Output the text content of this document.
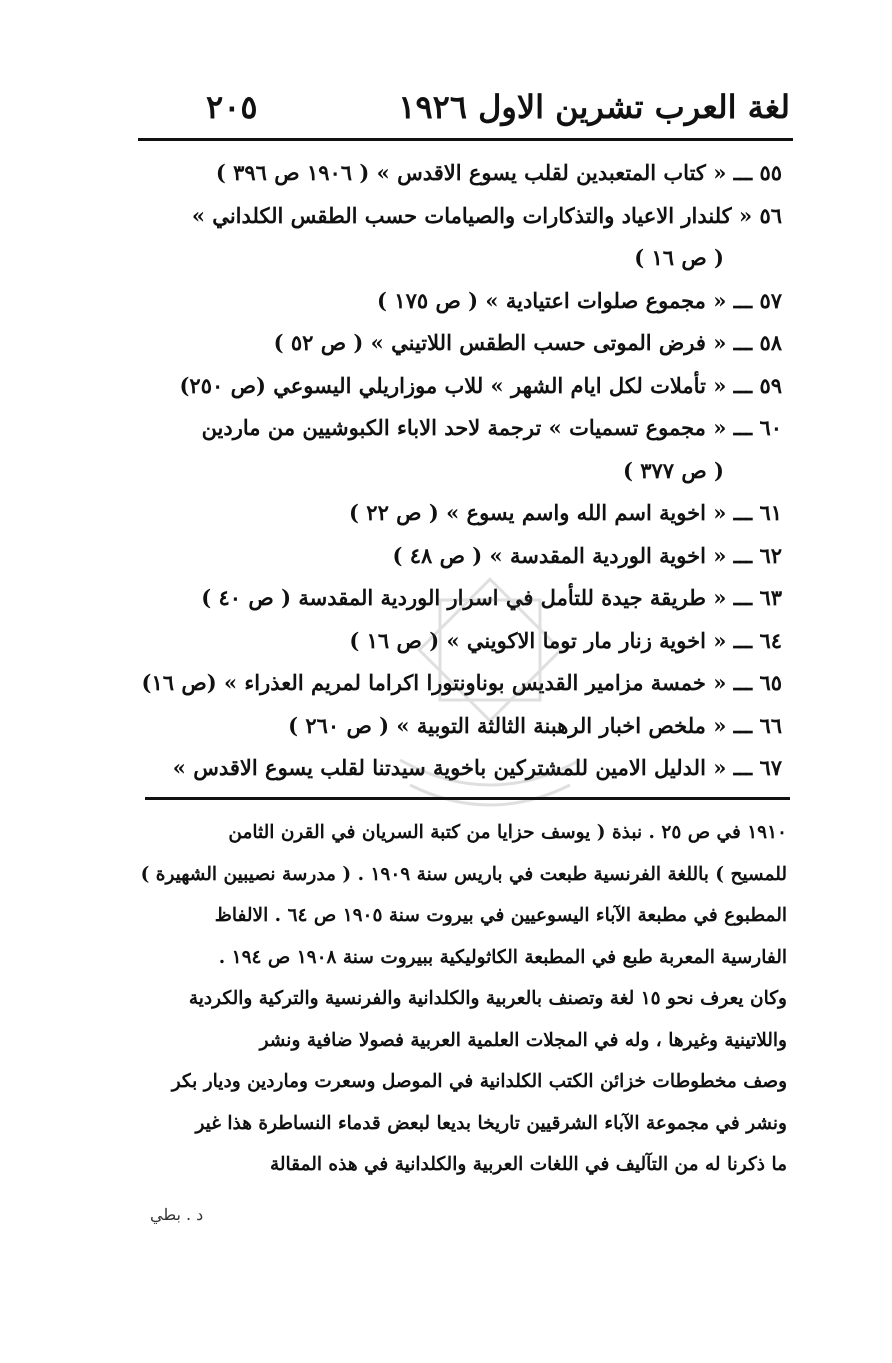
لغة العرب تشرين الاول ١٩٢٦
٢٠٥
٥٥ ـــ « كتاب المتعبدين لقلب يسوع الاقدس » ( ١٩٠٦ ص ٣٩٦ )
٥٦ « كلندار الاعياد والتذكارات والصيامات حسب الطقس الكلداني »
( ص ١٦ )
٥٧ ـــ « مجموع صلوات اعتيادية » ( ص ١٧٥ )
٥٨ ـــ « فرض الموتى حسب الطقس اللاتيني » ( ص ٥٢ )
٥٩ ـــ « تأملات لكل ايام الشهر » للاب موزاريلي اليسوعي (ص ٢٥٠)
٦٠ ـــ « مجموع تسميات » ترجمة لاحد الاباء الكبوشيين من ماردين
( ص ٣٧٧ )
٦١ ـــ « اخوية اسم الله واسم يسوع » ( ص ٢٢ )
٦٢ ـــ « اخوية الوردية المقدسة » ( ص ٤٨ )
٦٣ ـــ « طريقة جيدة للتأمل في اسرار الوردية المقدسة ( ص ٤٠ )
٦٤ ـــ « اخوية زنار مار توما الاكويني » ( ص ١٦ )
٦٥ ـــ « خمسة مزامير القديس بوناونتورا اكراما لمريم العذراء » (ص ١٦)
٦٦ ـــ « ملخص اخبار الرهبنة الثالثة التوبية » ( ص ٢٦٠ )
٦٧ ـــ « الدليل الامين للمشتركين باخوية سيدتنا لقلب يسوع الاقدس »
١٩١٠ في ص ٢٥ . نبذة ( يوسف حزايا من كتبة السريان في القرن الثامن
للمسيح ) باللغة الفرنسية طبعت في باريس سنة ١٩٠٩ . ( مدرسة نصيبين الشهيرة )
المطبوع في مطبعة الآباء اليسوعيين في بيروت سنة ١٩٠٥ ص ٦٤ . الالفاظ
الفارسية المعربة طبع في المطبعة الكاثوليكية ببيروت سنة ١٩٠٨ ص ١٩٤ .
وكان يعرف نحو ١٥ لغة وتصنف بالعربية والكلدانية والفرنسية والتركية والكردية
واللاتينية وغيرها ، وله في المجلات العلمية العربية فصولا ضافية ونشر
وصف مخطوطات خزائن الكتب الكلدانية في الموصل وسعرت وماردين وديار بكر
ونشر في مجموعة الآباء الشرقيين تاريخا بديعا لبعض قدماء النساطرة هذا غير
ما ذكرنا له من التآليف في اللغات العربية والكلدانية في هذه المقالة
د . بطي
